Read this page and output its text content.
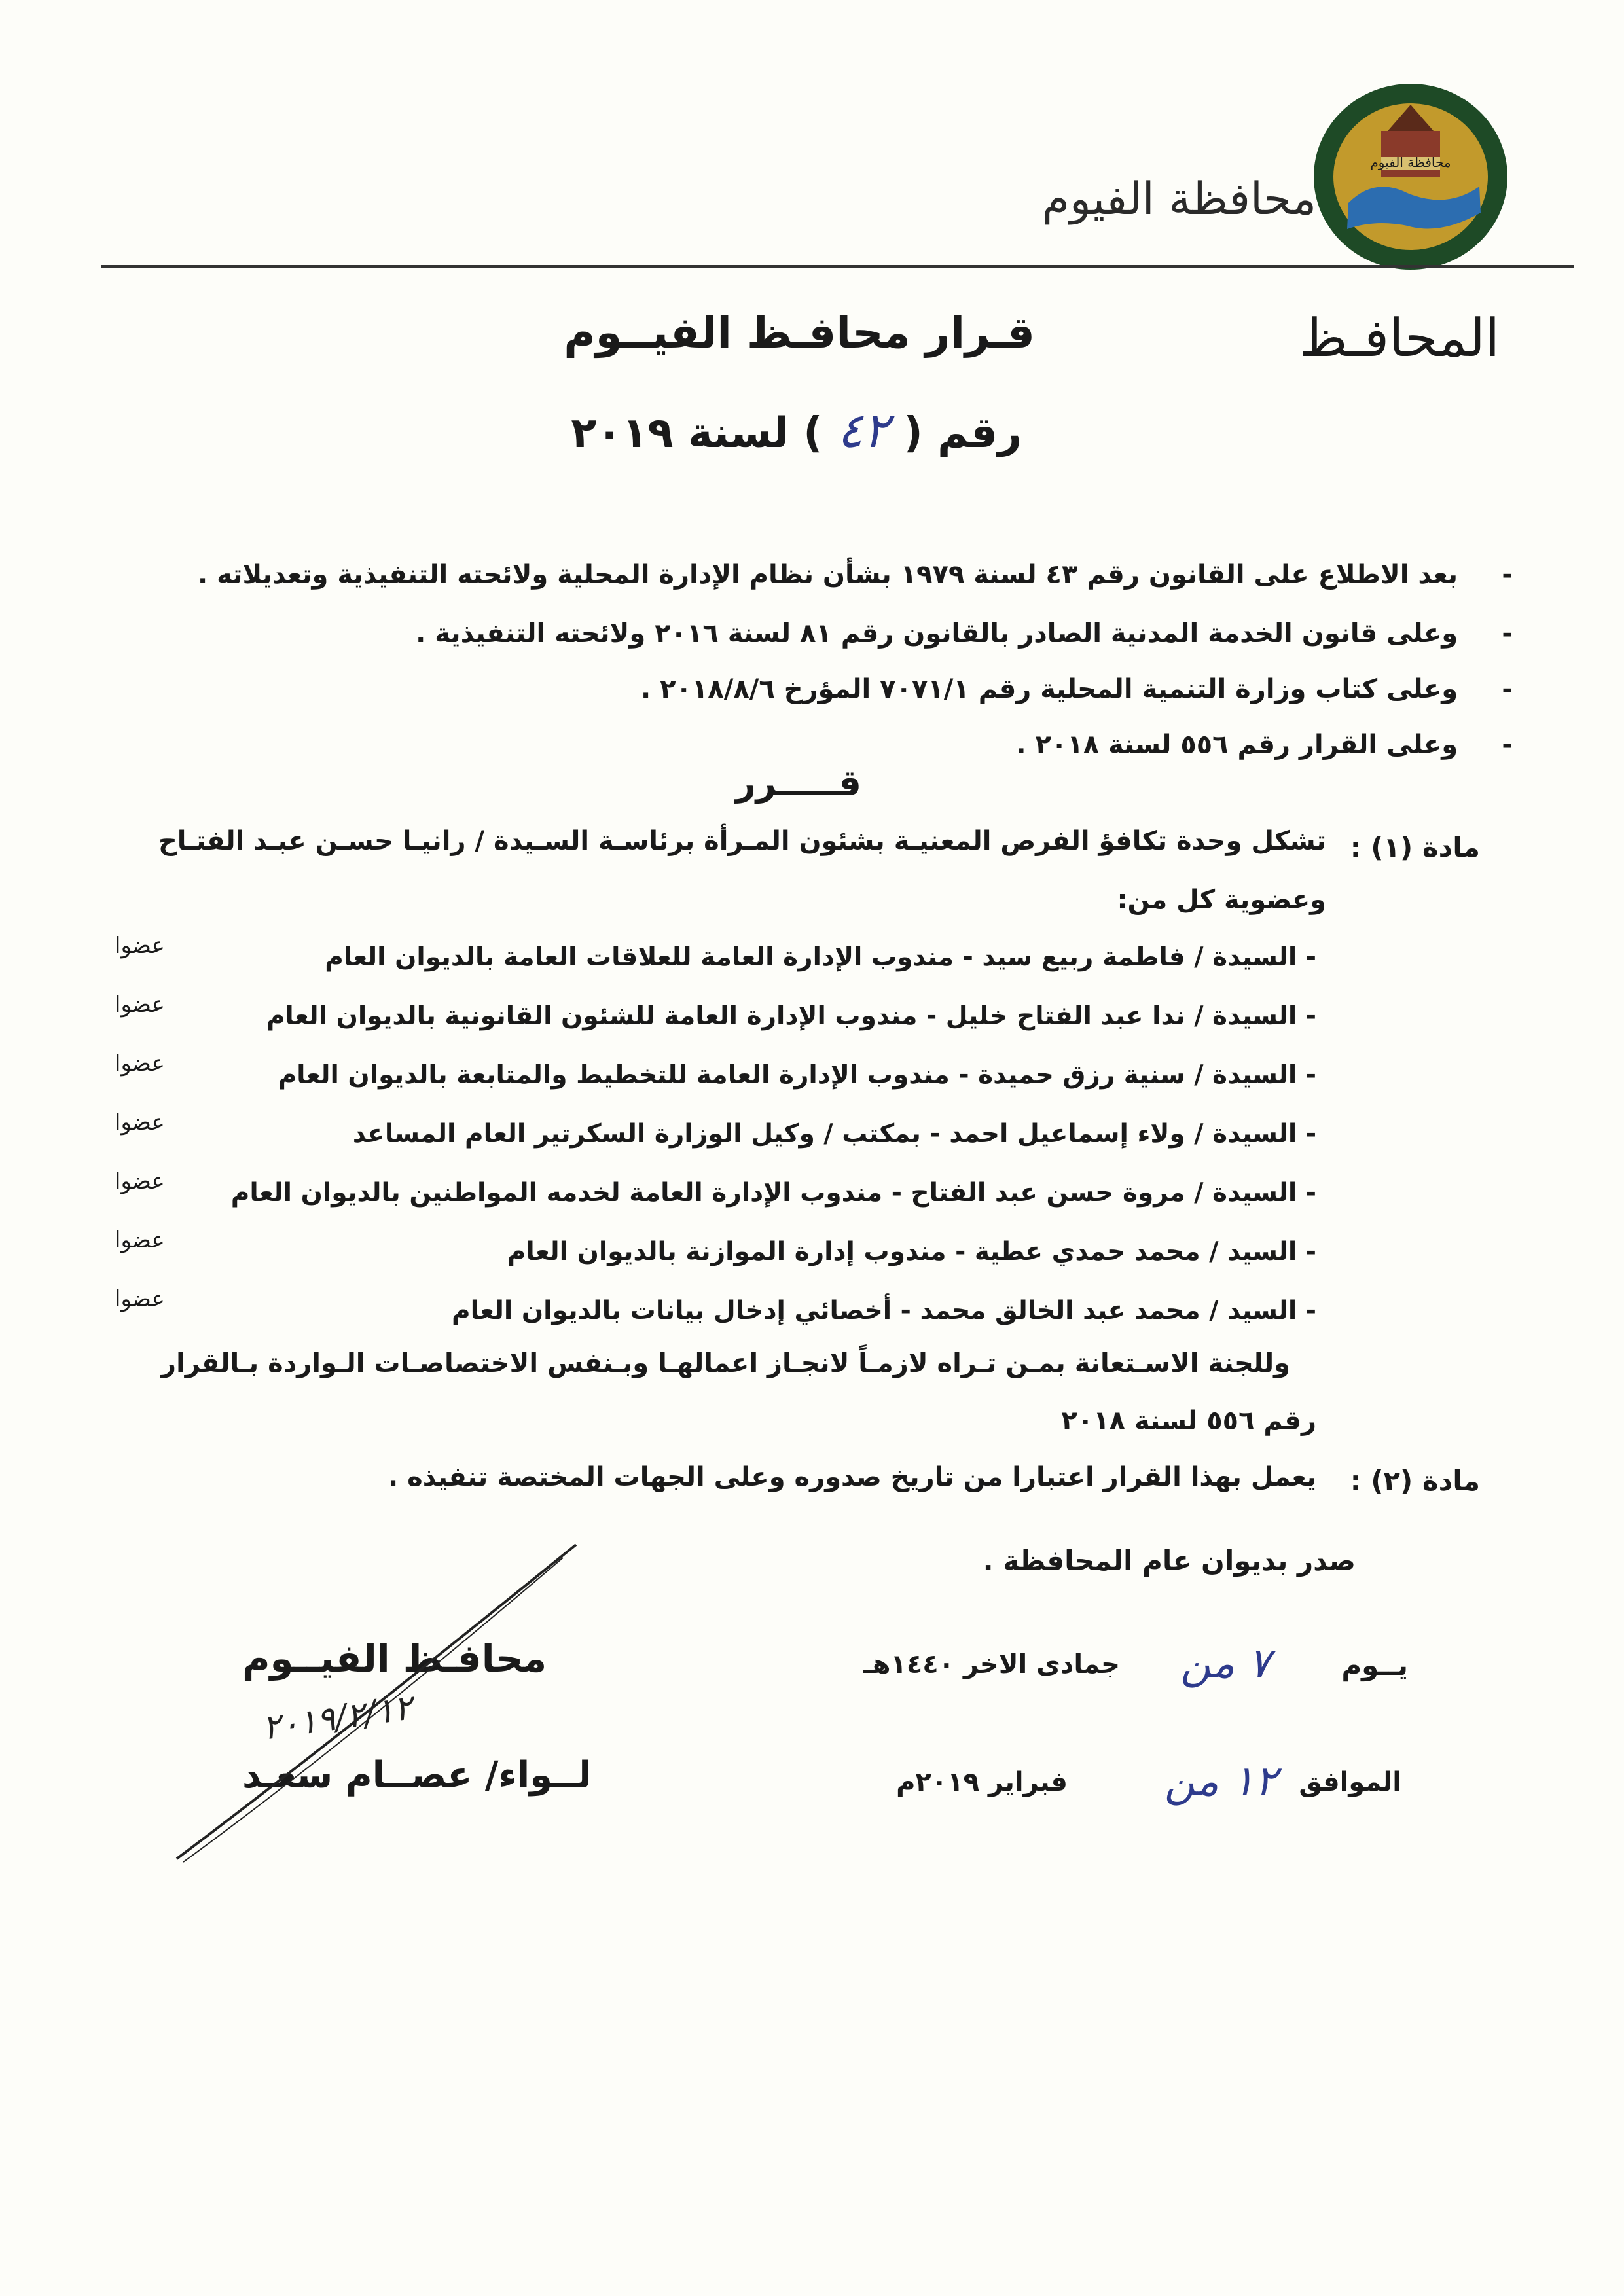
محافظة الفيوم
محافظة الفيوم
المحافـظ
قـرار محافـظ الفيــوم
رقم ( ٤٢ ) لسنة ٢٠١٩
- بعد الاطلاع على القانون رقم ٤٣ لسنة ١٩٧٩ بشأن نظام الإدارة المحلية ولائحته التنفيذية وتعديلاته .
- وعلى قانون الخدمة المدنية الصادر بالقانون رقم ٨١ لسنة ٢٠١٦ ولائحته التنفيذية .
- وعلى كتاب وزارة التنمية المحلية رقم ٧٠٧١/١ المؤرخ ٢٠١٨/٨/٦ .
- وعلى القرار رقم ٥٥٦ لسنة ٢٠١٨ .
قـــــرر
مادة (١) :
تشكل وحدة تكافؤ الفرص المعنيـة بشئون المـرأة برئاسـة السـيدة / رانيـا حسـن عبـد الفتـاح
وعضوية كل من:
- السيدة / فاطمة ربيع سيد - مندوب الإدارة العامة للعلاقات العامة بالديوان العام
عضوا
- السيدة / ندا عبد الفتاح خليل - مندوب الإدارة العامة للشئون القانونية بالديوان العام
عضوا
- السيدة / سنية رزق حميدة - مندوب الإدارة العامة للتخطيط والمتابعة بالديوان العام
عضوا
- السيدة / ولاء إسماعيل احمد - بمكتب / وكيل الوزارة السكرتير العام المساعد
عضوا
- السيدة / مروة حسن عبد الفتاح - مندوب الإدارة العامة لخدمه المواطنين بالديوان العام
عضوا
- السيد / محمد حمدي عطية - مندوب إدارة الموازنة بالديوان العام
عضوا
- السيد / محمد عبد الخالق محمد - أخصائي إدخال بيانات بالديوان العام
عضوا
وللجنة الاسـتعانة بمـن تـراه لازمـاً لانجـاز اعمالهـا وبـنفس الاختصاصـات الـواردة بـالقرار
رقم ٥٥٦ لسنة ٢٠١٨
مادة (٢) :
يعمل بهذا القرار اعتبارا من تاريخ صدوره وعلى الجهات المختصة تنفيذه .
صدر بديوان عام المحافظة .
يــوم
٧ من
جمادى الاخر ١٤٤٠هـ
الموافق
١٢ من
فبراير ٢٠١٩م
محافـظ الفيــوم
٢٠١٩/٢/١٢
لــواء/ عصــام سعـد
